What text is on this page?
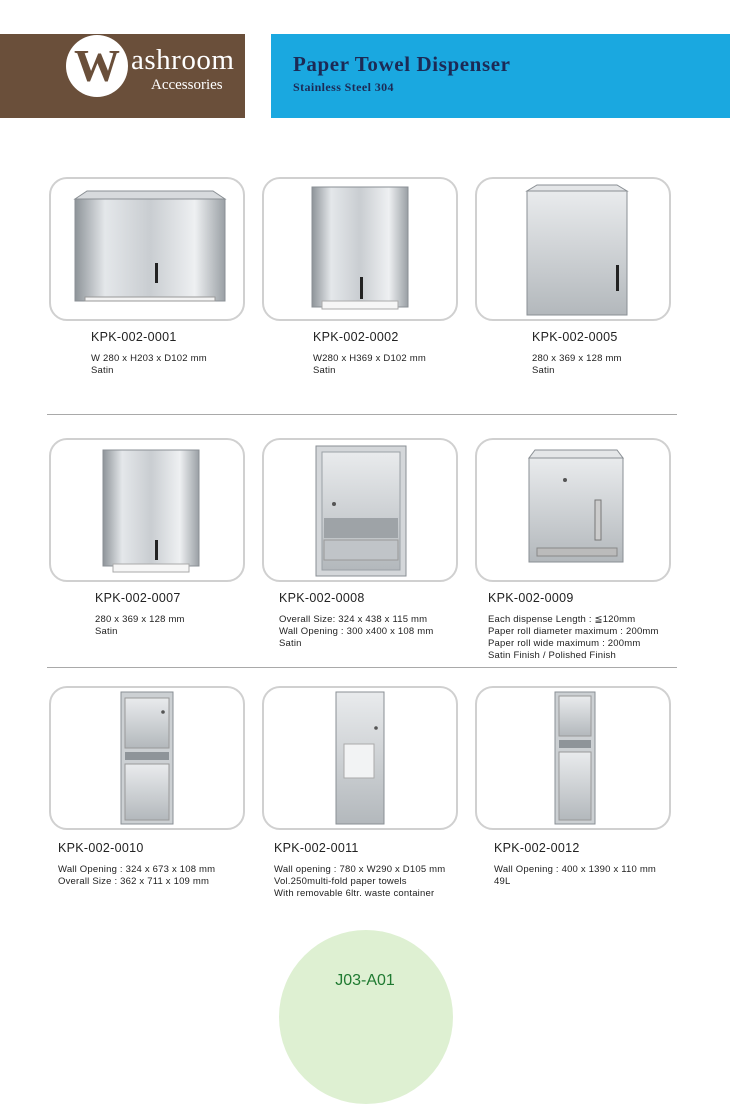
W ashroom
Accessories
Paper Towel Dispenser
Stainless Steel 304
KPK-002-0001
W 280 x H203 x D102 mm
Satin
KPK-002-0002
W280 x H369 x D102 mm
Satin
KPK-002-0005
280 x 369 x 128 mm
Satin
KPK-002-0007
280 x 369 x 128 mm
Satin
KPK-002-0008
Overall Size: 324 x 438 x 115 mm
Wall Opening : 300 x400 x 108 mm
Satin
KPK-002-0009
Each dispense Length : ≦120mm
Paper roll diameter maximum : 200mm
Paper roll wide maximum : 200mm
Satin Finish / Polished Finish
KPK-002-0010
Wall Opening : 324 x 673 x 108 mm
Overall Size : 362 x 711 x 109 mm
KPK-002-0011
Wall opening : 780 x W290 x D105 mm
Vol.250multi-fold paper towels
With removable 6ltr. waste container
KPK-002-0012
Wall Opening : 400 x 1390 x 110 mm
49L
J03-A01
